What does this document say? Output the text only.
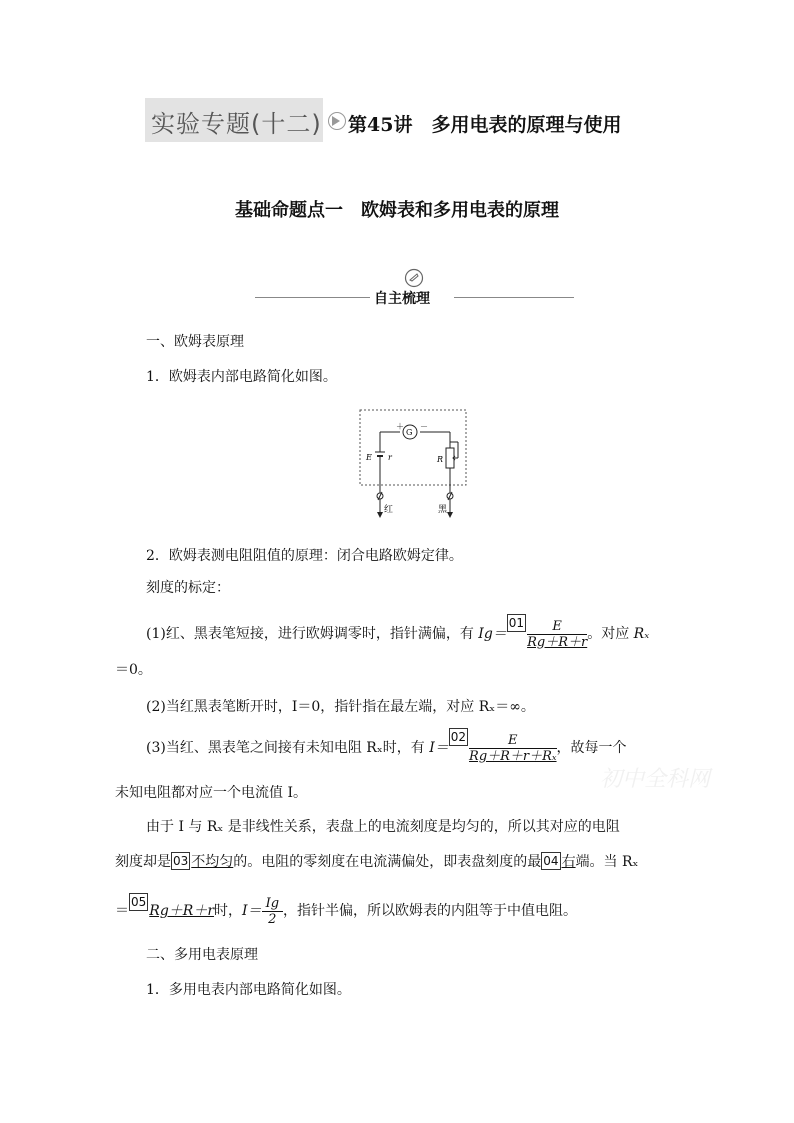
实验专题(十二) 第45讲　多用电表的原理与使用
基础命题点一　欧姆表和多用电表的原理
自主梳理

一、欧姆表原理

1．欧姆表内部电路简化如图。

＋ －
G
E r	R
红	黑

2．欧姆表测电阻阻值的原理：闭合电路欧姆定律。

刻度的标定：

(1)红、黑表笔短接，进行欧姆调零时，指针满偏，有 $Ig=01 \frac{E}{Rg+R+r}$ 。对应 Rₓ

＝0。

(2)当红黑表笔断开时，I＝0，指针指在最左端，对应 Rₓ＝∞。

(3)当红、黑表笔之间接有未知电阻 Rₓ时，有 $I=02 \frac{E}{\text{Rg＋R＋r＋Rₓ}}$ ，故每一个

未知电阻都对应一个电流值 I。

初中全科网

由于 I 与 Rₓ 是非线性关系，表盘上的电流刻度是均匀的，所以其对应的电阻

刻度却是 03 不均匀的。电阻的零刻度在电流满偏处，即表盘刻度的最 04 右端。当 Rₓ

＝05Rg＋R＋r时，$I= \frac{Ig}{2}$ ，指针半偏，所以欧姆表的内阻等于中值电阻。

二、多用电表原理

1．多用电表内部电路简化如图。
